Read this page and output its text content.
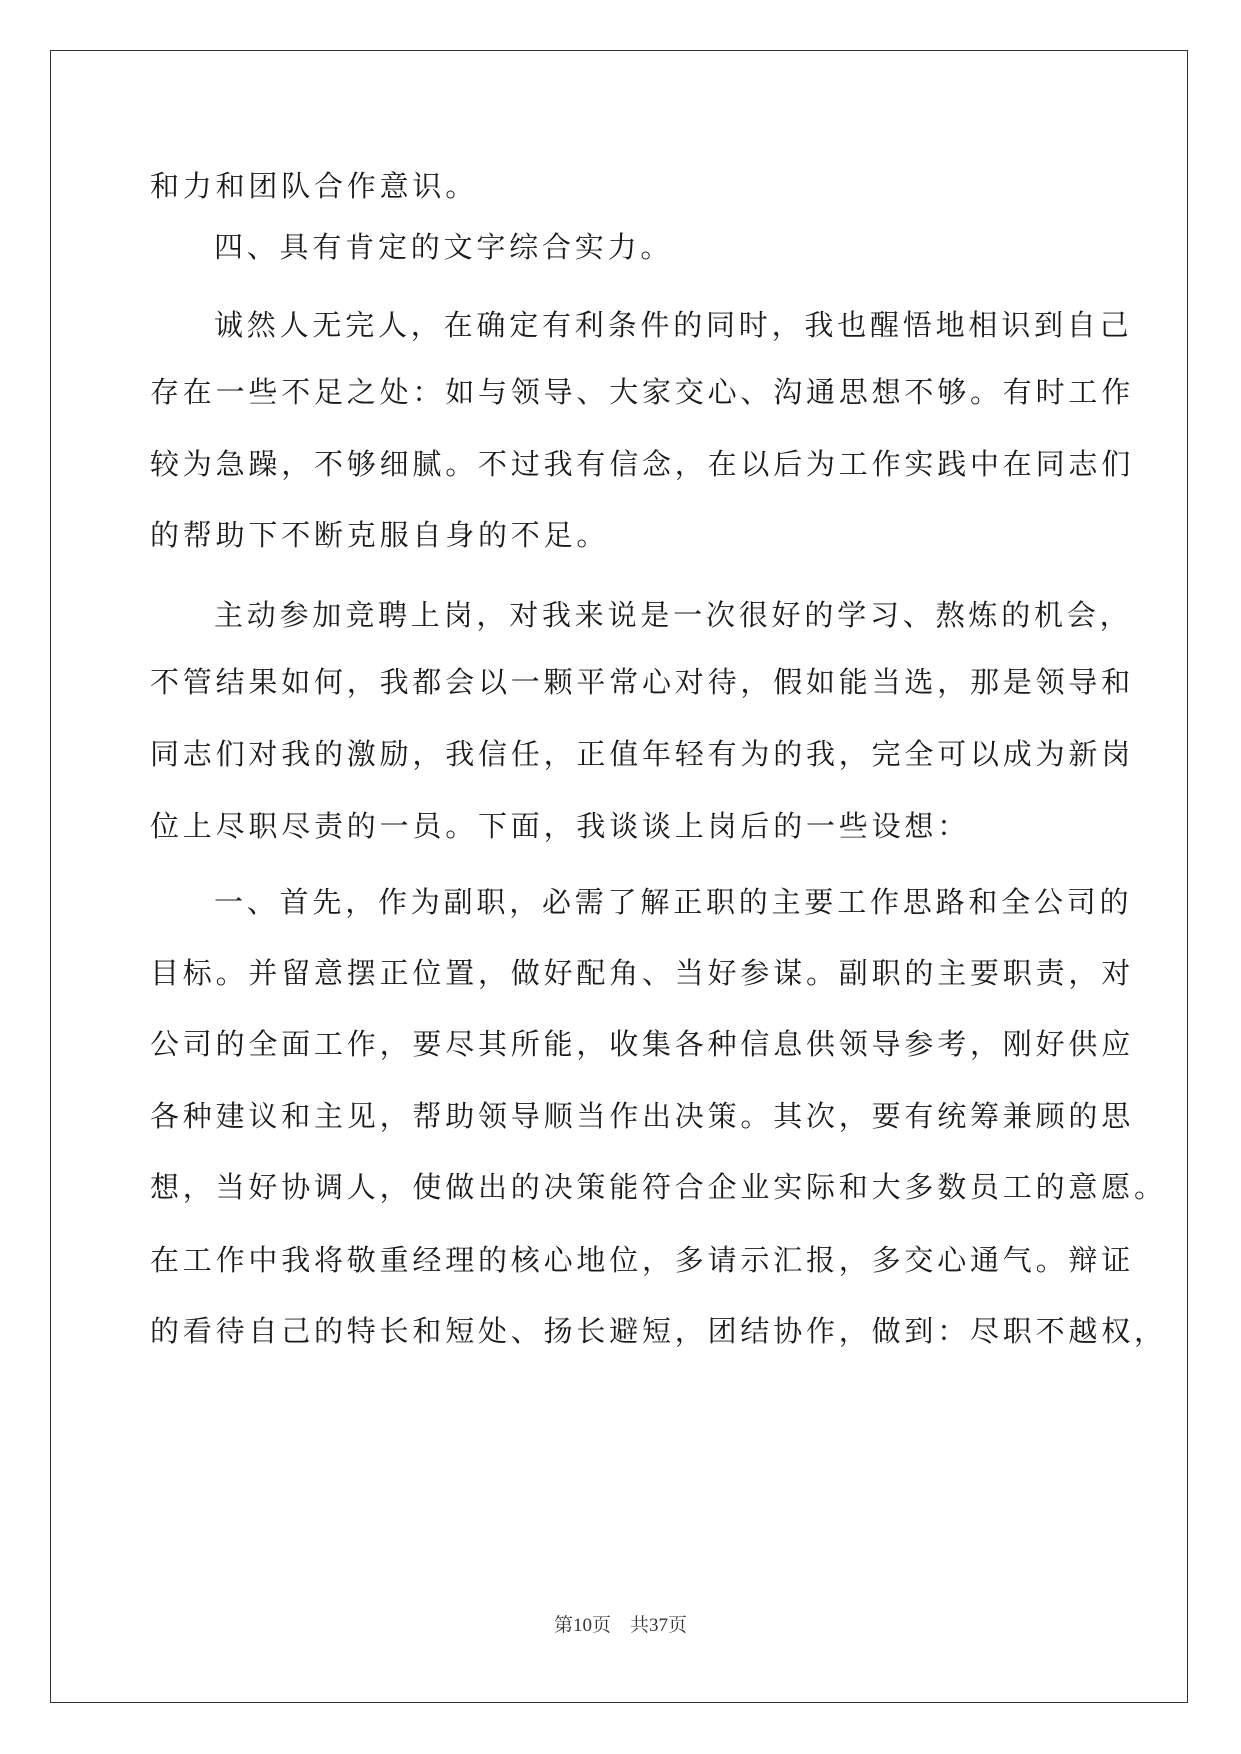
和力和团队合作意识。
四、具有肯定的文字综合实力。
诚然人无完人，在确定有利条件的同时，我也醒悟地相识到自己
存在一些不足之处：如与领导、大家交心、沟通思想不够。有时工作
较为急躁，不够细腻。不过我有信念，在以后为工作实践中在同志们
的帮助下不断克服自身的不足。
主动参加竞聘上岗，对我来说是一次很好的学习、熬炼的机会，
不管结果如何，我都会以一颗平常心对待，假如能当选，那是领导和
同志们对我的激励，我信任，正值年轻有为的我，完全可以成为新岗
位上尽职尽责的一员。下面，我谈谈上岗后的一些设想：
一、首先，作为副职，必需了解正职的主要工作思路和全公司的
目标。并留意摆正位置，做好配角、当好参谋。副职的主要职责，对
公司的全面工作，要尽其所能，收集各种信息供领导参考，刚好供应
各种建议和主见，帮助领导顺当作出决策。其次，要有统筹兼顾的思
想，当好协调人，使做出的决策能符合企业实际和大多数员工的意愿。
在工作中我将敬重经理的核心地位，多请示汇报，多交心通气。辩证
的看待自己的特长和短处、扬长避短，团结协作，做到：尽职不越权，
第10页　共37页
